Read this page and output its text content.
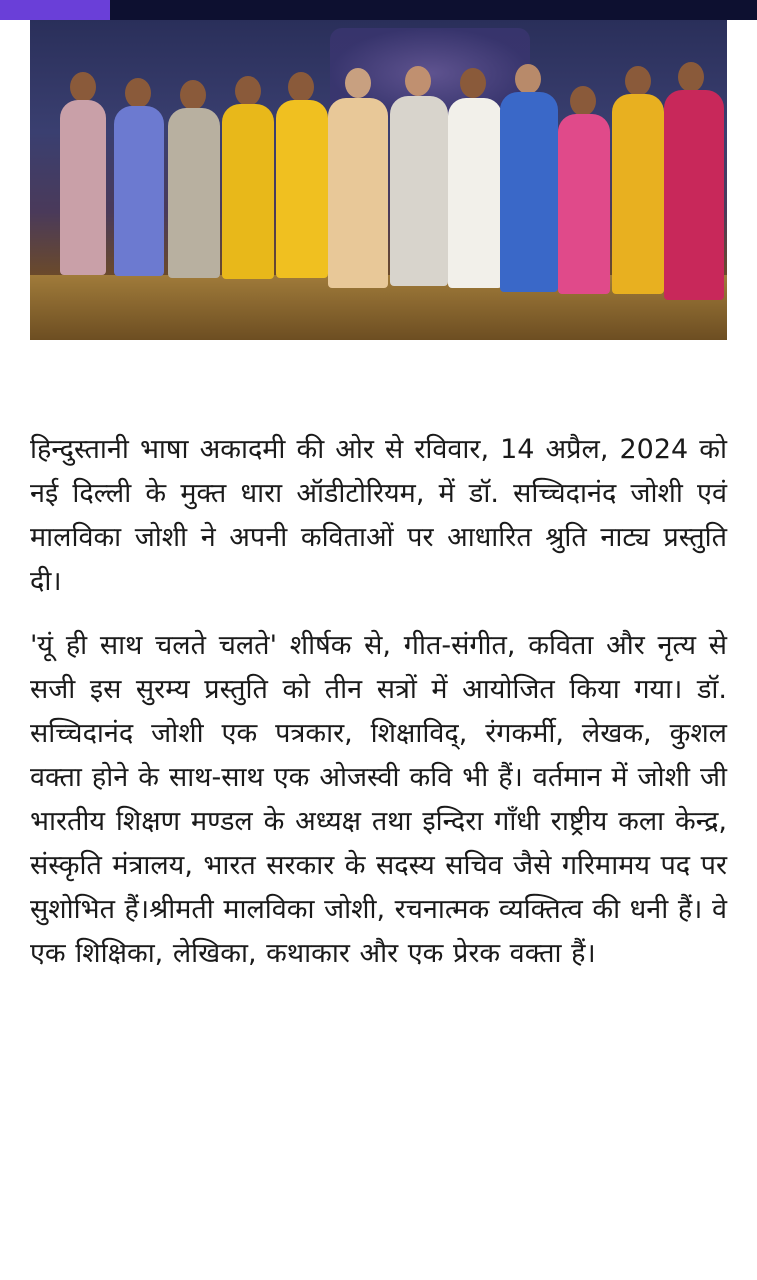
हिन्दुस्तानी भाषा अकादमी की ओर से रविवार, 14 अप्रैल, 2024 को नई दिल्ली के मुक्त धारा ऑडीटोरियम, में डॉ. सच्चिदानंद जोशी एवं मालविका जोशी ने अपनी कविताओं पर आधारित श्रुति नाट्य प्रस्तुति दी।

'यूं ही साथ चलते चलते' शीर्षक से, गीत-संगीत, कविता और नृत्य से सजी इस सुरम्य प्रस्तुति को तीन सत्रों में आयोजित किया गया। डॉ. सच्चिदानंद जोशी एक पत्रकार, शिक्षाविद्, रंगकर्मी, लेखक, कुशल वक्ता होने के साथ-साथ एक ओजस्वी कवि भी हैं। वर्तमान में जोशी जी भारतीय शिक्षण मण्डल के अध्यक्ष तथा इन्दिरा गाँधी राष्ट्रीय कला केन्द्र, संस्कृति मंत्रालय, भारत सरकार के सदस्य सचिव जैसे गरिमामय पद पर सुशोभित हैं।श्रीमती मालविका जोशी, रचनात्मक व्यक्तित्व की धनी हैं। वे एक शिक्षिका, लेखिका, कथाकार और एक प्रेरक वक्ता हैं।
